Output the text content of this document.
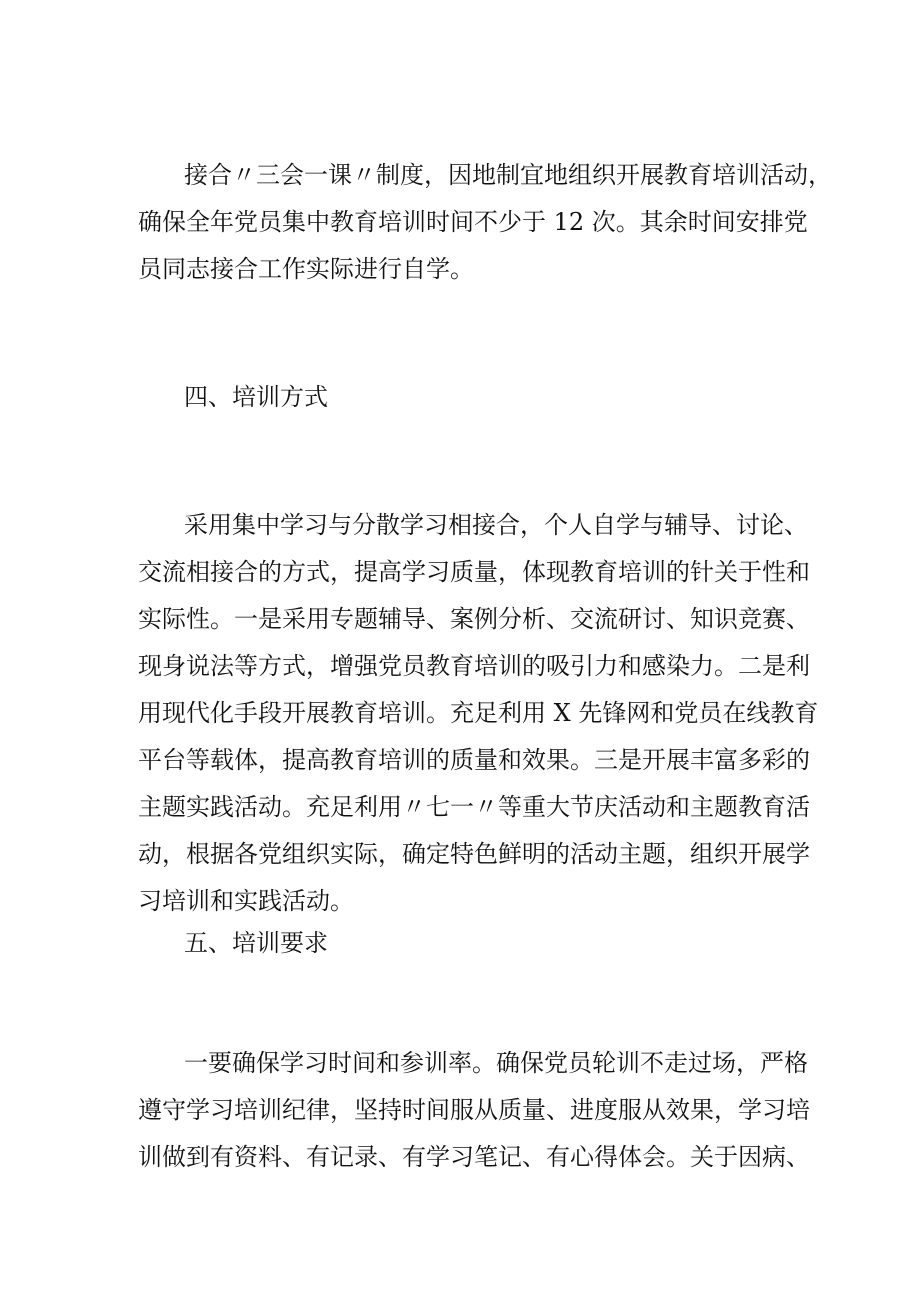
接合〃三会一课〃制度，因地制宜地组织开展教育培训活动，
确保全年党员集中教育培训时间不少于 12 次。其余时间安排党
员同志接合工作实际进行自学。
四、培训方式
采用集中学习与分散学习相接合，个人自学与辅导、讨论、
交流相接合的方式，提高学习质量，体现教育培训的针关于性和
实际性。一是采用专题辅导、案例分析、交流研讨、知识竞赛、
现身说法等方式，增强党员教育培训的吸引力和感染力。二是利
用现代化手段开展教育培训。充足利用 X 先锋网和党员在线教育
平台等载体，提高教育培训的质量和效果。三是开展丰富多彩的
主题实践活动。充足利用〃七一〃等重大节庆活动和主题教育活
动，根据各党组织实际，确定特色鲜明的活动主题，组织开展学
习培训和实践活动。
五、培训要求
一要确保学习时间和参训率。确保党员轮训不走过场，严格
遵守学习培训纪律，坚持时间服从质量、进度服从效果，学习培
训做到有资料、有记录、有学习笔记、有心得体会。关于因病、
